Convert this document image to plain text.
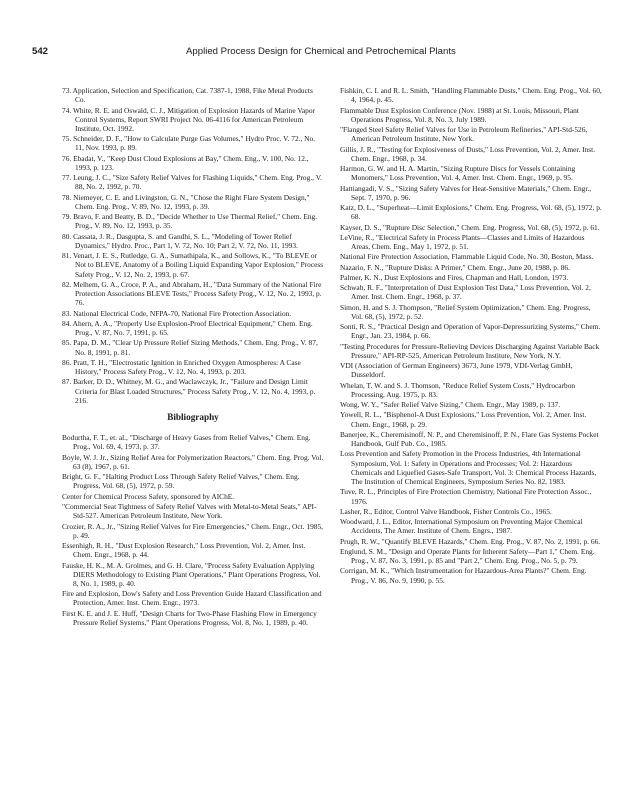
542	Applied Process Design for Chemical and Petrochemical Plants

73. Application, Selection and Specification, Cat. 7387-1, 1988, Fike Metal Products Co.

74. White, R. E. and Oswald, C. J., Mitigation of Explosion Hazards of Marine Vapor Control Systems, Report SWRI Project No. 06-4116 for American Petroleum Institute, Oct. 1992.

75. Schneider, D. F., "How to Calculate Purge Gas Volumes," Hydro Proc. V. 72., No. 11, Nov. 1993, p. 89.

76. Ebadat, V., "Keep Dust Cloud Explosions at Bay," Chem. Eng., V. 100, No. 12., 1993, p. 123.

77. Leung, J. C., "Size Safety Relief Valves for Flashing Liquids," Chem. Eng. Prog., V. 88, No. 2, 1992, p. 70.

78. Niemeyer, C. E. and Livingston, G. N., "Chose the Right Flare System Design," Chem. Eng. Prog., V. 89, No. 12, 1993, p. 39.

79. Bravo, F. and Beatty, B. D., "Decide Whether to Use Thermal Relief," Chem. Eng. Prog., V. 89, No. 12, 1993, p. 35.

80. Cassata, J. R., Dasgupta, S. and Gandhi, S. L., "Modeling of Tower Relief Dynamics," Hydro. Proc., Part 1, V. 72, No. 10; Part 2, V. 72, No. 11, 1993.

81. Venart, J. E. S., Rutledge, G. A., Sumathipala, K., and Sollows, K., "To BLEVE or Not to BLEVE, Anatomy of a Boiling Liquid Expanding Vapor Explosion," Process Safety Prog., V. 12, No. 2, 1993, p. 67.

82. Melhem, G. A., Croce, P. A., and Abraham, H., "Data Summary of the National Fire Protection Associations BLEVE Tests," Process Safety Prog., V. 12, No. 2, 1993, p. 76.

83. National Electrical Code, NFPA-70, National Fire Protection Association.

84. Ahern, A. A., "Properly Use Explosion-Proof Electrical Equipment," Chem. Eng. Prog., V. 87, No. 7, 1991, p. 65.

85. Papa, D. M., "Clear Up Pressure Relief Sizing Methods," Chem. Eng. Prog., V. 87, No. 8, 1991, p. 81.

86. Pratt, T. H., "Electrostatic Ignition in Enriched Oxygen Atmospheres: A Case History," Process Safety Prog., V. 12, No. 4, 1993, p. 203.

87. Barker, D. D., Whitney, M. G., and Waclawczyk, Jr., "Failure and Design Limit Criteria for Blast Loaded Structures," Process Safety Prog., V. 12, No. 4, 1993, p. 216.

Bibliography

Bodurtha, F. T., et. al., "Discharge of Heavy Gases from Relief Valves," Chem. Eng. Prog., Vol. 69, 4, 1973, p. 37.

Boyle, W. J. Jr., Sizing Relief Area for Polymerization Reactors," Chem. Eng. Prog. Vol. 63 (8), 1967, p. 61.

Bright, G. F., "Halting Product Loss Through Safety Relief Valves," Chem. Eng. Progress, Vol. 68, (5), 1972, p. 59.

Center for Chemical Process Safety, sponsored by AIChE.

"Commercial Seat Tightness of Safety Relief Valves with Metal-to-Metal Seats," API-Std-527. American Petroleum Institute, New York.

Crozier, R. A., Jr., "Sizing Relief Valves for Fire Emergencies," Chem. Engr., Oct. 1985, p. 49.

Essenhigh, R. H., "Dust Explosion Research," Loss Prevention, Vol. 2, Amer. Inst. Chem. Engr., 1968, p. 44.

Fauske, H. K., M. A. Grolmes, and G. H. Clare, "Process Safety Evaluation Applying DIERS Methodology to Existing Plant Operations," Plant Operations Progress, Vol. 8, No. 1, 1989, p. 40.

Fire and Explosion, Dow's Safety and Loss Prevention Guide Hazard Classification and Protection, Amer. Inst. Chem. Engr., 1973.

First K. E. and J. E. Huff, "Design Charts for Two-Phase Flashing Flow in Emergency Pressure Relief Systems," Plant Operations Progress, Vol. 8, No. 1, 1989, p. 40.

Fishkin, C. I. and R. L. Smith, "Handling Flammable Dusts," Chem. Eng. Prog., Vol. 60, 4, 1964, p. 45.

Flammable Dust Explosion Conference (Nov. 1988) at St. Louis, Missouri, Plant Operations Progress, Vol. 8, No. 3, July 1989.

"Flanged Steel Safety Relief Valves for Use in Petroleum Refineries," API-Std-526, American Petroleum Institute, New York.

Gillis, J. R., "Testing for Explosiveness of Dusts," Loss Prevention, Vol. 2, Amer. Inst. Chem. Engr., 1968, p. 34.

Harmon, G. W. and H. A. Martin, "Sizing Rupture Discs for Vessels Containing Monomers," Loss Prevention, Vol. 4, Amer. Inst. Chem. Engr., 1969, p. 95.

Hattiangadi, V. S., "Sizing Safety Valves for Heat-Sensitive Materials," Chem. Engr., Sept. 7, 1970, p. 96.

Katz, D. L., "Superheat—Limit Explosions," Chem. Eng. Progress, Vol. 68, (5), 1972, p. 68.

Kayser, D. S., "Rupture Disc Selection," Chem. Eng. Progress, Vol. 68, (5), 1972, p. 61.

LeVine, R., "Electrical Safety in Process Plants—Classes and Limits of Hazardous Areas, Chem. Eng., May 1, 1972, p. 51.

National Fire Protection Association, Flammable Liquid Code, No. 30, Boston, Mass.

Nazario, F. N., "Rupture Disks: A Primer," Chem. Engr., June 20, 1988, p. 86.

Palmer, K. N., Dust Explosions and Fires, Chapman and Hall, London, 1973.

Schwab, R. F., "Interpretation of Dust Explosion Test Data," Loss Prevention, Vol. 2, Amer. Inst. Chem. Engr., 1968, p. 37.

Simon, H. and S. J. Thompson, "Relief System Optimization," Chem. Eng. Progress, Vol. 68, (5), 1972, p. 52.

Sonti, R. S., "Practical Design and Operation of Vapor-Depressurizing Systems," Chem. Engr., Jan. 23, 1984, p. 66.

"Testing Procedures for Pressure-Relieving Devices Discharging Against Variable Back Pressure," API-RP-525, American Petroleum Institute, New York, N.Y.

VDI (Association of German Engineers) 3673, June 1979, VDI-Verlag GmbH, Dusseldorf.

Whelan, T. W. and S. J. Thomson, "Reduce Relief System Costs," Hydrocarbon Processing, Aug. 1975, p. 83.

Wong, W. Y., "Safer Relief Valve Sizing," Chem. Engr., May 1989, p. 137.

Yowell, R. L., "Bisphenol-A Dust Explosions," Loss Prevention, Vol. 2, Amer. Inst. Chem. Engr., 1968, p. 29.

Banerjee, K., Cheremisinoff, N. P., and Cheremisinoff, P. N., Flare Gas Systems Pocket Handbook, Gulf Pub. Co., 1985.

Loss Prevention and Safety Promotion in the Process Industries, 4th International Symposium, Vol. 1: Safety in Operations and Processes; Vol. 2: Hazardous Chemicals and Liquefied Gases-Safe Transport, Vol. 3: Chemical Process Hazards, The Institution of Chemical Engineers, Symposium Series No. 82, 1983.

Tuve, R. L., Principles of Fire Protection Chemistry, National Fire Protection Assoc., 1976.

Lasher, R., Editor, Control Valve Handbook, Fisher Controls Co., 1965.

Woodward, J. L., Editor, International Symposium on Preventing Major Chemical Accidents, The Amer. Institute of Chem. Engrs., 1987.

Prugh, R. W., "Quantify BLEVE Hazards," Chem. Eng. Prog., V. 87, No. 2, 1991, p. 66.

Englund, S. M., "Design and Operate Plants for Inherent Safety—Part 1," Chem. Eng. Prog., V. 87, No. 3, 1991, p. 85 and "Part 2," Chem. Eng. Prog., No. 5, p. 79.

Corrigan, M. K., "Which Instrumentation for Hazardous-Area Plants?" Chem. Eng. Prog., V. 86, No. 9, 1990, p. 55.
